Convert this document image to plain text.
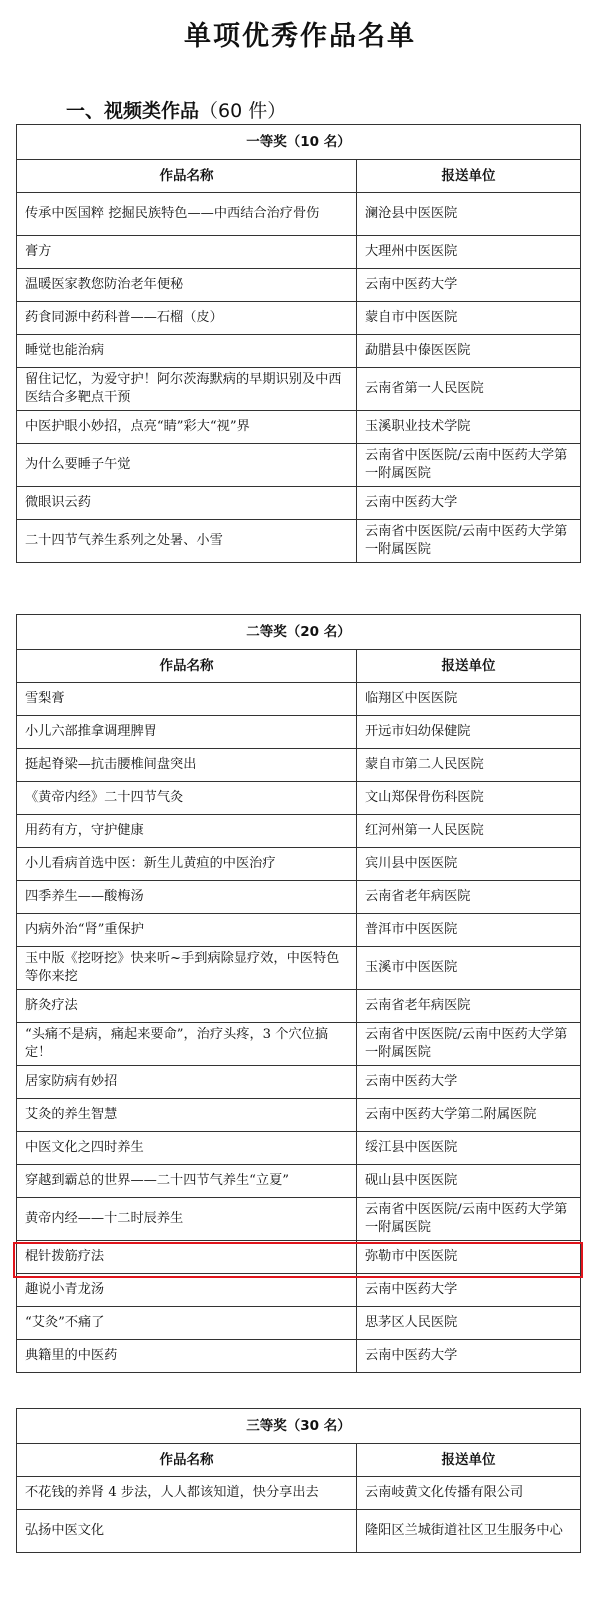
单项优秀作品名单
一、视频类作品（60 件）
一等奖（10 名）	
作品名称	报送单位
传承中医国粹 挖掘民族特色——中西结合治疗骨伤	澜沧县中医医院
膏方	大理州中医医院
温暖医家教您防治老年便秘	云南中医药大学
药食同源中药科普——石榴（皮）	蒙自市中医医院
睡觉也能治病	勐腊县中傣医医院
留住记忆，为爱守护！阿尔茨海默病的早期识别及中西医结合多靶点干预	云南省第一人民医院
中医护眼小妙招，点亮“睛”彩大“视”界	玉溪职业技术学院
为什么要睡子午觉	云南省中医医院/云南中医药大学第一附属医院
微眼识云药	云南中医药大学
二十四节气养生系列之处暑、小雪	云南省中医医院/云南中医药大学第一附属医院
二等奖（20 名）	
作品名称	报送单位
雪梨膏	临翔区中医医院
小儿六部推拿调理脾胃	开远市妇幼保健院
挺起脊梁—抗击腰椎间盘突出	蒙自市第二人民医院
《黄帝内经》二十四节气灸	文山郑保骨伤科医院
用药有方，守护健康	红河州第一人民医院
小儿看病首选中医：新生儿黄疸的中医治疗	宾川县中医医院
四季养生——酸梅汤	云南省老年病医院
内病外治“肾”重保护	普洱市中医医院
玉中版《挖呀挖》快来听~手到病除显疗效，中医特色等你来挖	玉溪市中医医院
脐灸疗法	云南省老年病医院
“头痛不是病，痛起来要命”，治疗头疼，3 个穴位搞定！	云南省中医医院/云南中医药大学第一附属医院
居家防病有妙招	云南中医药大学
艾灸的养生智慧	云南中医药大学第二附属医院
中医文化之四时养生	绥江县中医医院
穿越到霸总的世界——二十四节气养生“立夏”	砚山县中医医院
黄帝内经——十二时辰养生	云南省中医医院/云南中医药大学第一附属医院
棍针拨筋疗法	弥勒市中医医院
趣说小青龙汤	云南中医药大学
“艾灸”不痛了	思茅区人民医院
典籍里的中医药	云南中医药大学
三等奖（30 名）	
作品名称	报送单位
不花钱的养肾 4 步法，人人都该知道，快分享出去	云南岐黄文化传播有限公司
弘扬中医文化	隆阳区兰城街道社区卫生服务中心
